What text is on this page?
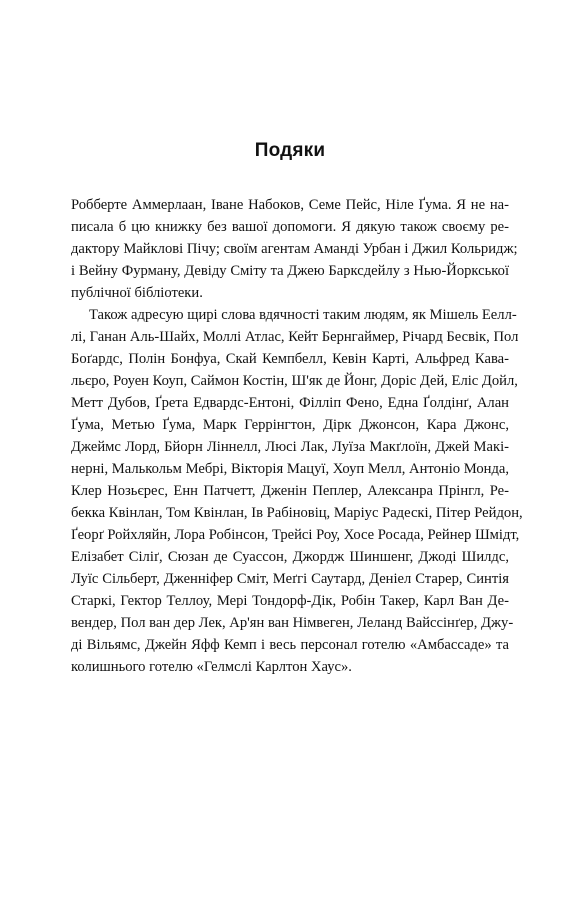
Подяки
Робберте Аммерлаан, Іване Набоков, Семе Пейс, Ніле Ґума. Я не на-
писала б цю книжку без вашої допомоги. Я дякую також своєму ре-
дактору Майклові Пічу; своїм агентам Аманді Урбан і Джил Кольридж;
і Вейну Фурману, Девіду Сміту та Джею Барксдейлу з Нью-Йоркської
публічної бібліотеки.
Також адресую щирі слова вдячності таким людям, як Мішель Еелл-
лі, Ганан Аль-Шайх, Моллі Атлас, Кейт Бернгаймер, Річард Бесвік, Пол
Боґардс, Полін Бонфуа, Скай Кемпбелл, Кевін Карті, Альфред Кава-
льєро, Роуен Коуп, Саймон Костін, Ш'як де Йонг, Доріс Дей, Еліс Дойл,
Метт Дубов, Ґрета Едвардс-Ентоні, Філліп Фено, Една Ґолдінґ, Алан
Ґума, Метью Ґума, Марк Геррінгтон, Дірк Джонсон, Кара Джонс,
Джеймс Лорд, Бйорн Ліннелл, Люсі Лак, Луїза Макґлоїн, Джей Макі-
нерні, Малькольм Мебрі, Вікторія Мацуї, Хоуп Мелл, Антоніо Монда,
Клер Нозьєрес, Енн Патчетт, Дженін Пеплер, Алексанра Прінгл, Ре-
бекка Квінлан, Том Квінлан, Ів Рабіновіц, Маріус Радескі, Пітер Рейдон,
Ґеорґ Ройхляйн, Лора Робінсон, Трейсі Роу, Хосе Росада, Рейнер Шмідт,
Елізабет Сіліґ, Сюзан де Суассон, Джордж Шиншенг, Джоді Шилдс,
Луїс Сільберт, Дженніфер Сміт, Меґгі Саутард, Деніел Старер, Синтія
Старкі, Гектор Теллоу, Мері Тондорф-Дік, Робін Такер, Карл Ван Де-
вендер, Пол ван дер Лек, Ар'ян ван Німвеген, Леланд Вайссінґер, Джу-
ді Вільямс, Джейн Яфф Кемп і весь персонал готелю «Амбассаде» та
колишнього готелю «Гелмслі Карлтон Хаус».
